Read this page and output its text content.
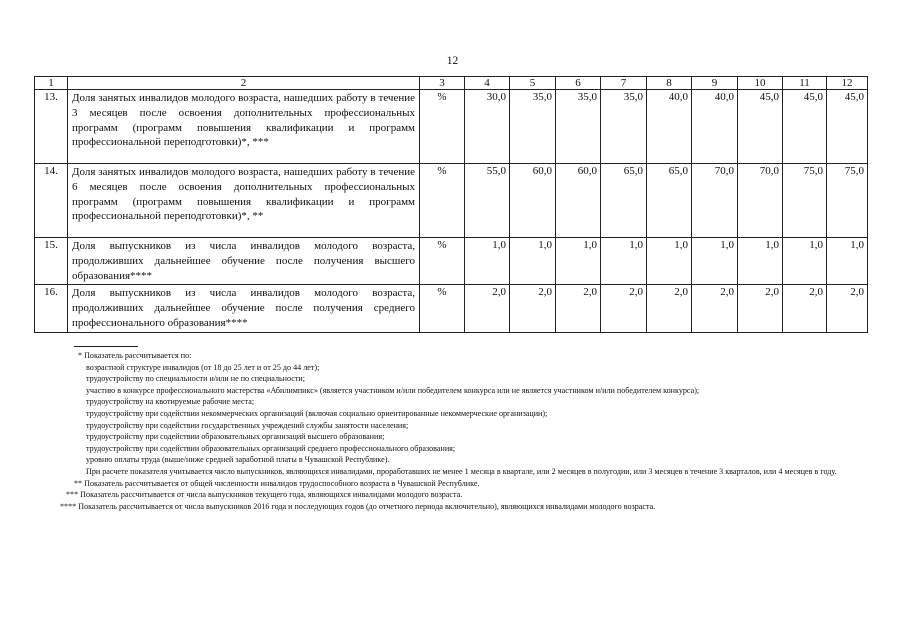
12
1	2	3	4	5	6	7	8	9	10	11	12
13.	Доля занятых инвалидов молодого возраста, нашедших работу в течение 3 месяцев после освоения дополнительных профессиональных программ (программ повышения квалификации и программ профессиональной переподготовки)*, ***	%	30,0	35,0	35,0	35,0	40,0	40,0	45,0	45,0	45,0
14.	Доля занятых инвалидов молодого возраста, нашедших работу в течение 6 месяцев после освоения дополнительных профессиональных программ (программ повышения квалификации и программ профессиональной переподготовки)*, **	%	55,0	60,0	60,0	65,0	65,0	70,0	70,0	75,0	75,0
15.	Доля выпускников из числа инвалидов молодого возраста, продолживших дальнейшее обучение после получения высшего образования****	%	1,0	1,0	1,0	1,0	1,0	1,0	1,0	1,0	1,0
16.	Доля выпускников из числа инвалидов молодого возраста, продолживших дальнейшее обучение после получения среднего профессионального образования****	%	2,0	2,0	2,0	2,0	2,0	2,0	2,0	2,0	2,0

* Показатель рассчитывается по:

возрастной структуре инвалидов (от 18 до 25 лет и от 25 до 44 лет);

трудоустройству по специальности и/или не по специальности;

участию в конкурсе профессионального мастерства «Абилимпикс» (является участником и/или победителем конкурса или не является участником и/или победителем конкурса);

трудоустройству на квотируемые рабочие места;

трудоустройству при содействии некоммерческих организаций (включая социально ориентированные некоммерческие организации);

трудоустройству при содействии государственных учреждений службы занятости населения;

трудоустройству при содействии образовательных организаций высшего образования;

трудоустройству при содействии образовательных организаций среднего профессионального образования;

уровню оплаты труда (выше/ниже средней заработной платы в Чувашской Республике).

При расчете показателя учитывается число выпускников, являющихся инвалидами, проработавших не менее 1 месяца в квартале, или 2 месяцев в полугодии, или 3 месяцев в течение 3 кварталов, или 4 месяцев в году.

** Показатель рассчитывается от общей численности инвалидов трудоспособного возраста в Чувашской Республике.

*** Показатель рассчитывается от числа выпускников текущего года, являющихся инвалидами молодого возраста.

**** Показатель рассчитывается от числа выпускников 2016 года и последующих годов (до отчетного периода включительно), являющихся инвалидами молодого возраста.
